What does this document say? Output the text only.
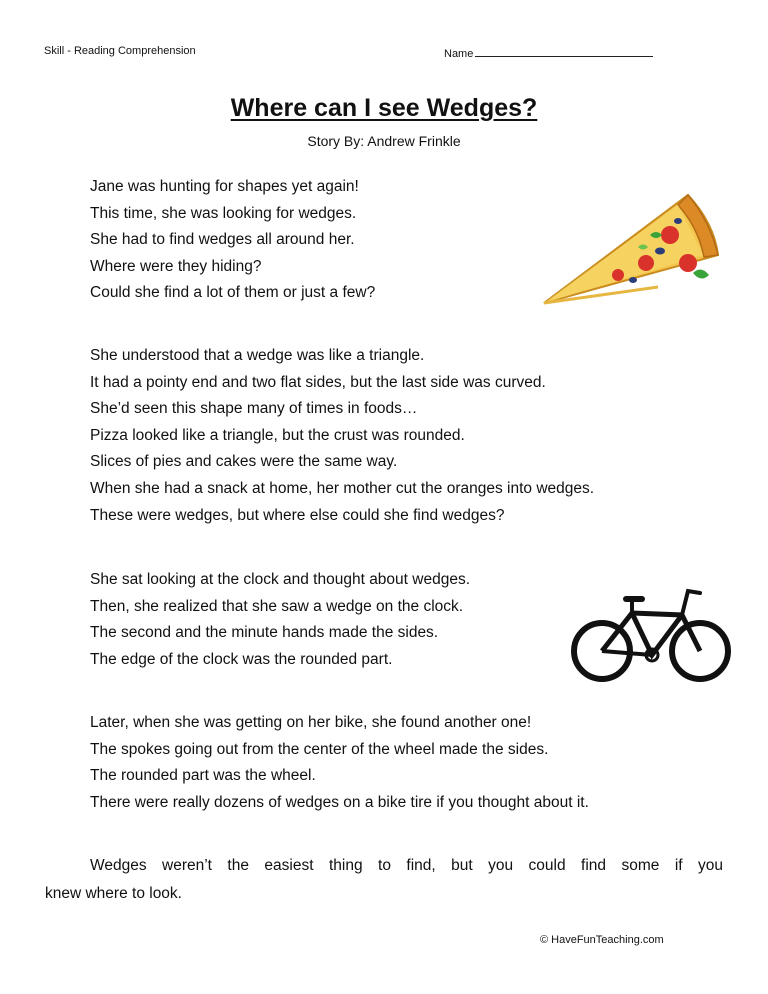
Skill - Reading Comprehension	Name
Where can I see Wedges?
Story By: Andrew Frinkle
Jane was hunting for shapes yet again!
This time, she was looking for wedges.
She had to find wedges all around her.
Where were they hiding?
Could she find a lot of them or just a few?
She understood that a wedge was like a triangle.
It had a pointy end and two flat sides, but the last side was curved.
She’d seen this shape many of times in foods…
Pizza looked like a triangle, but the crust was rounded.
Slices of pies and cakes were the same way.
When she had a snack at home, her mother cut the oranges into wedges.
These were wedges, but where else could she find wedges?
She sat looking at the clock and thought about wedges.
Then, she realized that she saw a wedge on the clock.
The second and the minute hands made the sides.
The edge of the clock was the rounded part.
Later, when she was getting on her bike, she found another one!
The spokes going out from the center of the wheel made the sides.
The rounded part was the wheel.
There were really dozens of wedges on a bike tire if you thought about it.
Wedges weren’t the easiest thing to find, but you could find some if you
knew where to look.
© HaveFunTeaching.com
